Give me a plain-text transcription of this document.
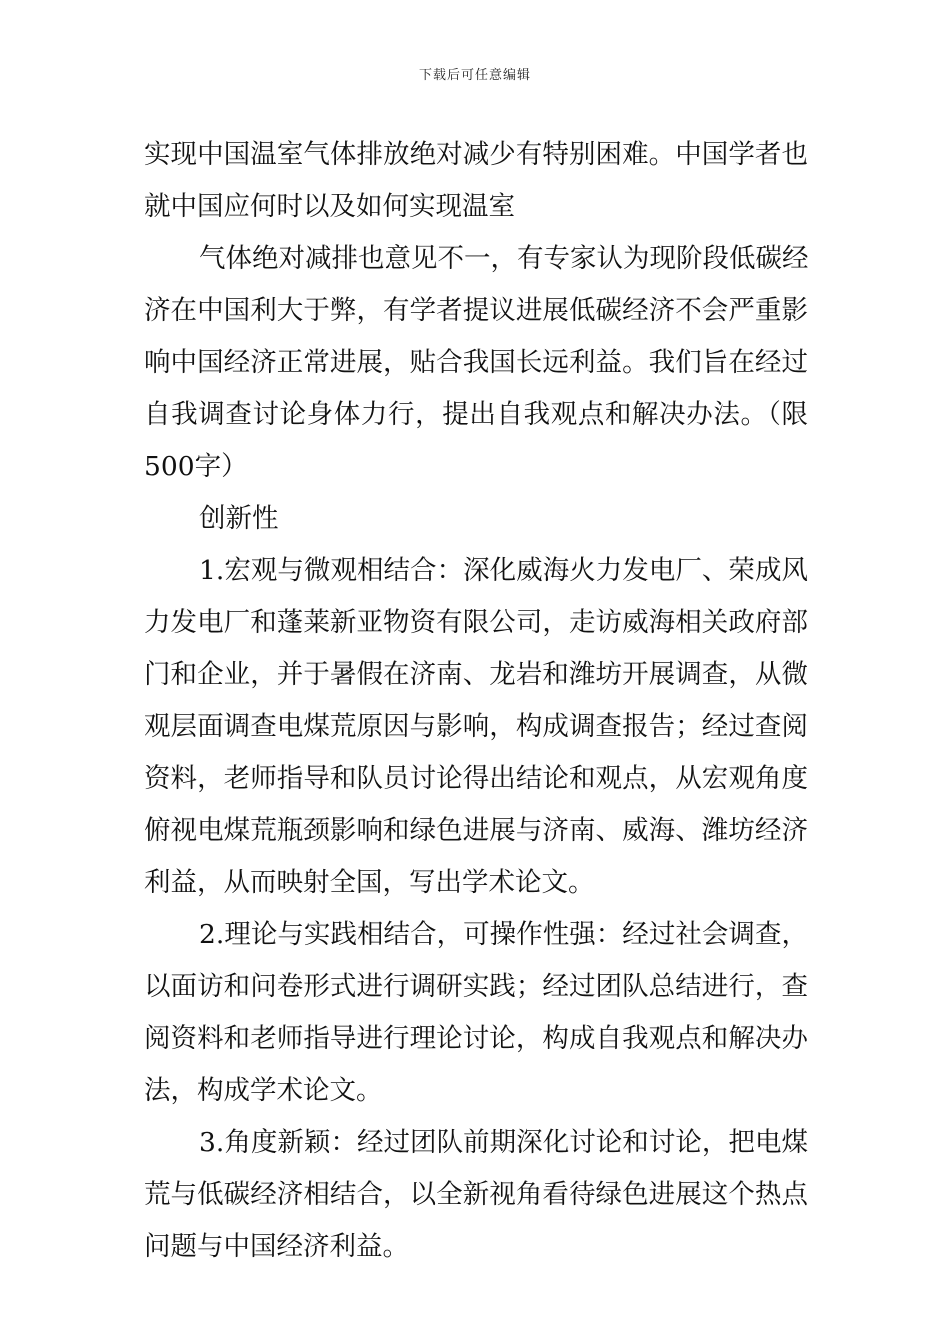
下载后可任意编辑
实现中国温室气体排放绝对减少有特别困难。中国学者也
就中国应何时以及如何实现温室
气体绝对减排也意见不一，有专家认为现阶段低碳经
济在中国利大于弊，有学者提议进展低碳经济不会严重影
响中国经济正常进展，贴合我国长远利益。我们旨在经过
自我调查讨论身体力行，提出自我观点和解决办法。（限
500字）
创新性
1.宏观与微观相结合：深化威海火力发电厂、荣成风
力发电厂和蓬莱新亚物资有限公司，走访威海相关政府部
门和企业，并于暑假在济南、龙岩和潍坊开展调查，从微
观层面调查电煤荒原因与影响，构成调查报告；经过查阅
资料，老师指导和队员讨论得出结论和观点，从宏观角度
俯视电煤荒瓶颈影响和绿色进展与济南、威海、潍坊经济
利益，从而映射全国，写出学术论文。
2.理论与实践相结合，可操作性强：经过社会调查，
以面访和问卷形式进行调研实践；经过团队总结进行，查
阅资料和老师指导进行理论讨论，构成自我观点和解决办
法，构成学术论文。
3.角度新颖：经过团队前期深化讨论和讨论，把电煤
荒与低碳经济相结合，以全新视角看待绿色进展这个热点
问题与中国经济利益。
